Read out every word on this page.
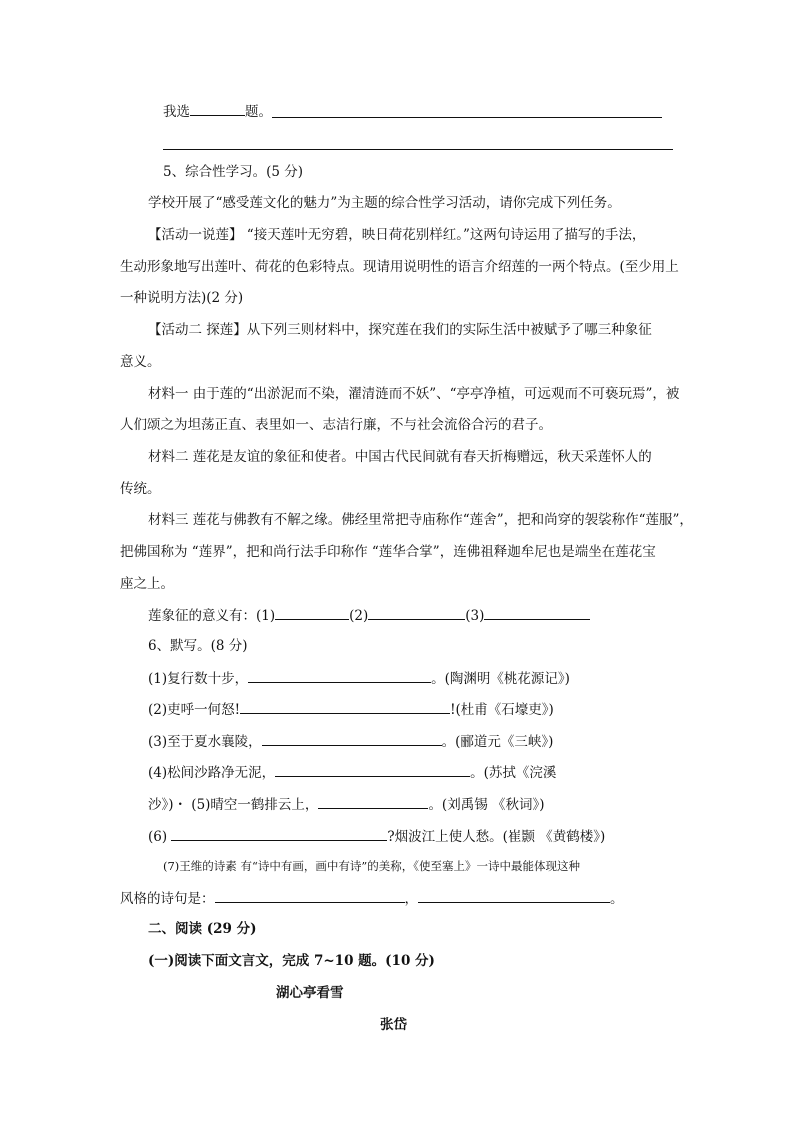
我选	题。
5、综合性学习。(5 分)
学校开展了“感受莲文化的魅力”为主题的综合性学习活动，请你完成下列任务。
【活动一说莲】 “接天莲叶无穷碧，映日荷花别样红。”这两句诗运用了描写的手法，
生动形象地写出莲叶、荷花的色彩特点。现请用说明性的语言介绍莲的一两个特点。(至少用上
一种说明方法)(2 分)
【活动二 探莲】从下列三则材料中，探究莲在我们的实际生活中被赋予了哪三种象征
意义。
材料一 由于莲的“出淤泥而不染，濯清涟而不妖”、“亭亭净植，可远观而不可亵玩焉”，被
人们颂之为坦荡正直、表里如一、志洁行廉，不与社会流俗合污的君子。
材料二 莲花是友谊的象征和使者。中国古代民间就有春天折梅赠远，秋天采莲怀人的
传统。
材料三 莲花与佛教有不解之缘。佛经里常把寺庙称作“莲舍”，把和尚穿的袈裟称作“莲服”，
把佛国称为 “莲界”，把和尚行法手印称作 “莲华合掌”，连佛祖释迦牟尼也是端坐在莲花宝
座之上。
莲象征的意义有：(1)	(2)	(3)
6、默写。(8 分)
(1)复行数十步，	。(陶渊明《桃花源记》)
(2)吏呼一何怒!	!(杜甫《石壕吏》)
(3)至于夏水襄陵，	。(郦道元《三峡》)
(4)松间沙路净无泥，	。(苏拭《浣溪
沙》)・ (5)晴空一鹤排云上，	。(刘禹锡 《秋词》)
(6)	?烟波江上使人愁。(崔颢 《黄鹤楼》)
(7)王维的诗素 有“诗中有画，画中有诗”的美称，《使至塞上》一诗中最能体现这种
风格的诗句是：	，	。
二、阅读 (29 分)
(一)阅读下面文言文，完成 7~10 题。(10 分)
湖心亭看雪
张岱
